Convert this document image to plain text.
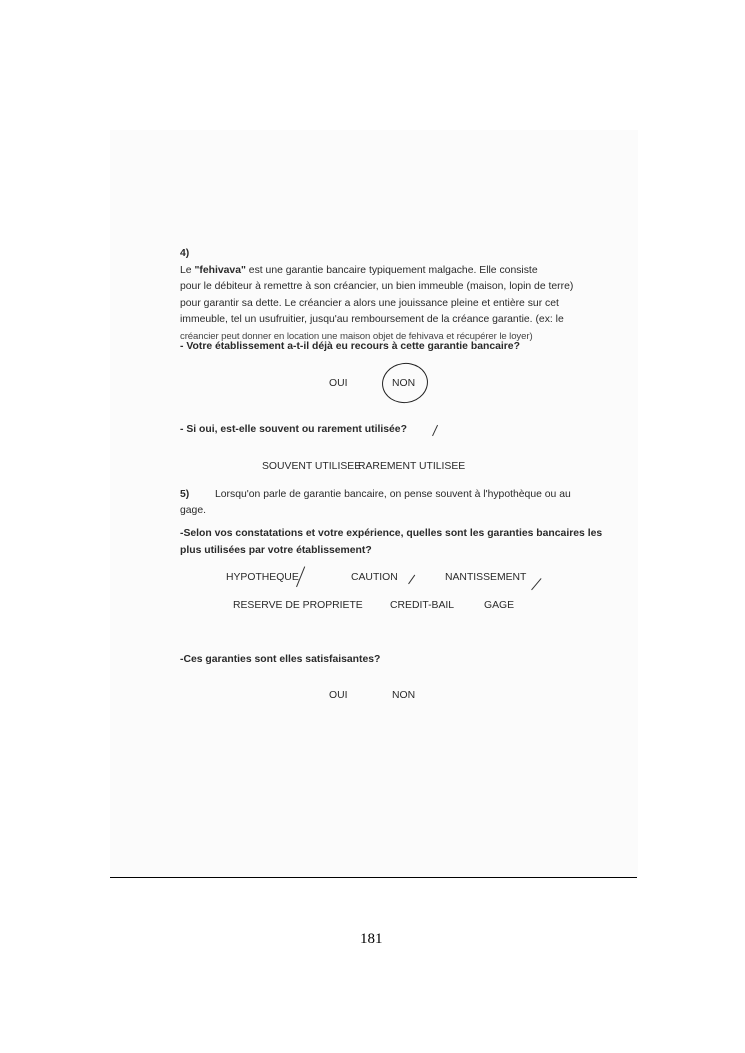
4)
Le "fehivava" est une garantie bancaire typiquement malgache. Elle consiste
pour le débiteur à remettre à son créancier, un bien immeuble (maison, lopin de terre)
pour garantir sa dette. Le créancier a alors une jouissance pleine et entière sur cet
immeuble, tel un usufruitier, jusqu'au remboursement de la créance garantie. (ex: le
créancier peut donner en location une maison objet de fehivava et récupérer le loyer)
- Votre établissement a-t-il déjà eu recours à cette garantie bancaire?
OUI	NON
- Si oui, est-elle souvent ou rarement utilisée?
SOUVENT UTILISEE
RAREMENT UTILISEE
5) Lorsqu'on parle de garantie bancaire, on pense souvent à l'hypothèque ou au
gage.
-Selon vos constatations et votre expérience, quelles sont les garanties bancaires les
plus utilisées par votre établissement?
HYPOTHEQUE	CAUTION	NANTISSEMENT
RESERVE DE PROPRIETE	CREDIT-BAIL	GAGE
-Ces garanties sont elles satisfaisantes?
OUI	NON
181
